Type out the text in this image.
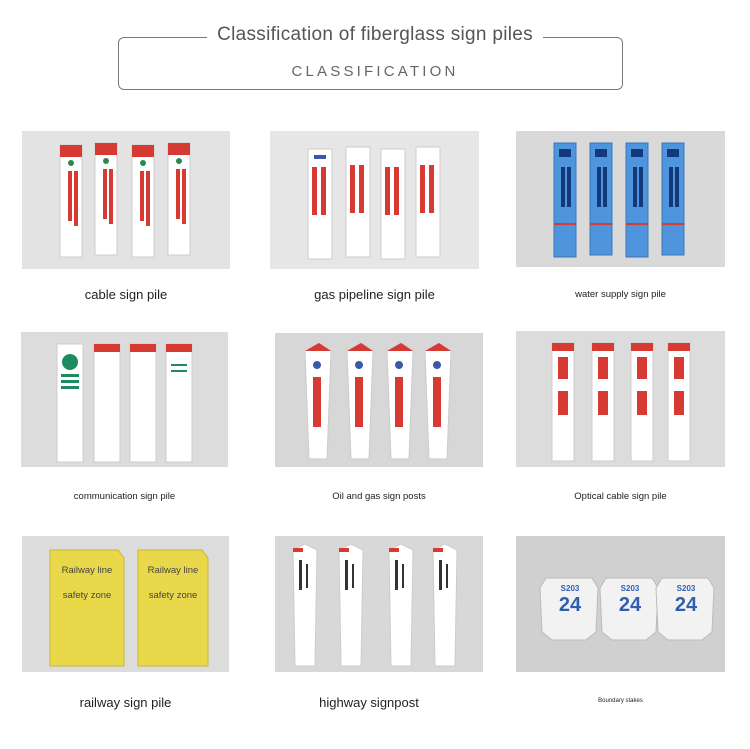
Classification of fiberglass sign piles
CLASSIFICATION
cable sign pile	gas pipeline sign pile	water supply sign pile
communication sign pile	Oil and gas sign posts	Optical cable sign pile
Railway line
safety zone
Railway line
safety zone
railway sign pile	highway signpost
S203	S203	S203
24	24	24
Boundary stakes
